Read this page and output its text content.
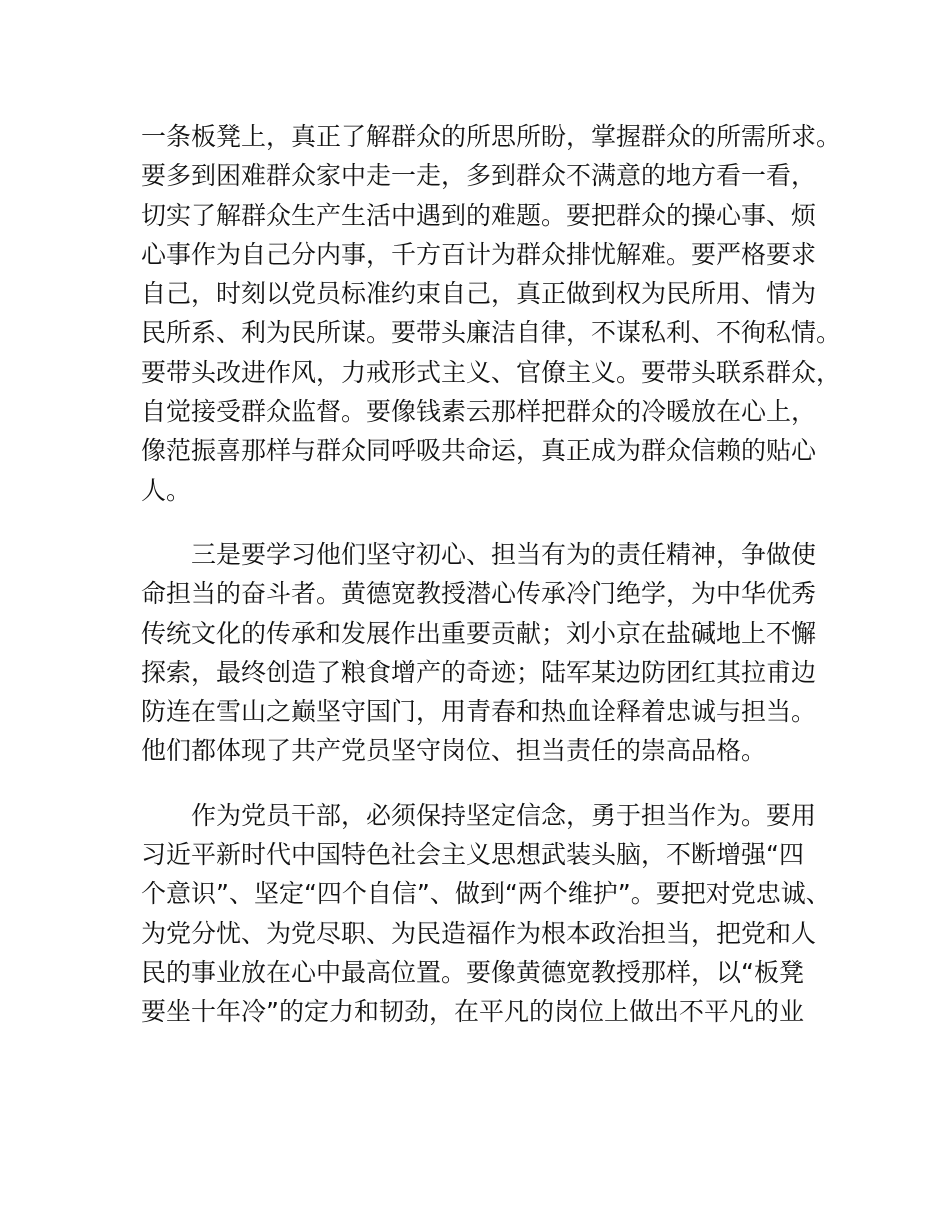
一条板凳上，真正了解群众的所思所盼，掌握群众的所需所求。
要多到困难群众家中走一走，多到群众不满意的地方看一看，
切实了解群众生产生活中遇到的难题。要把群众的操心事、烦
心事作为自己分内事，千方百计为群众排忧解难。要严格要求
自己，时刻以党员标准约束自己，真正做到权为民所用、情为
民所系、利为民所谋。要带头廉洁自律，不谋私利、不徇私情。
要带头改进作风，力戒形式主义、官僚主义。要带头联系群众，
自觉接受群众监督。要像钱素云那样把群众的冷暖放在心上，
像范振喜那样与群众同呼吸共命运，真正成为群众信赖的贴心
人。
三是要学习他们坚守初心、担当有为的责任精神，争做使
命担当的奋斗者。黄德宽教授潜心传承冷门绝学，为中华优秀
传统文化的传承和发展作出重要贡献；刘小京在盐碱地上不懈
探索，最终创造了粮食增产的奇迹；陆军某边防团红其拉甫边
防连在雪山之巅坚守国门，用青春和热血诠释着忠诚与担当。
他们都体现了共产党员坚守岗位、担当责任的崇高品格。
作为党员干部，必须保持坚定信念，勇于担当作为。要用
习近平新时代中国特色社会主义思想武装头脑，不断增强“四
个意识”、坚定“四个自信”、做到“两个维护”。要把对党忠诚、
为党分忧、为党尽职、为民造福作为根本政治担当，把党和人
民的事业放在心中最高位置。要像黄德宽教授那样，以“板凳
要坐十年冷”的定力和韧劲，在平凡的岗位上做出不平凡的业
